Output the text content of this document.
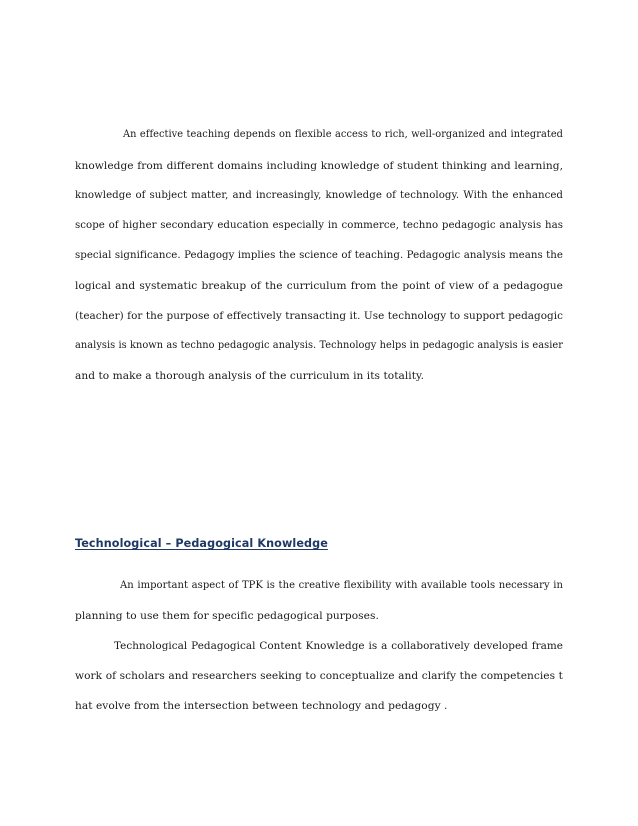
An effective teaching depends on flexible access to rich, well-organized and integrated
knowledge from different domains including knowledge of student thinking and learning,
knowledge of subject matter, and increasingly, knowledge of technology. With the enhanced
scope of higher secondary education especially in commerce, techno pedagogic analysis has
special significance. Pedagogy implies the science of teaching. Pedagogic analysis means the
logical and systematic breakup of the curriculum from the point of view of a pedagogue
(teacher) for the purpose of effectively transacting it. Use technology to support pedagogic
analysis is known as techno pedagogic analysis. Technology helps in pedagogic analysis is easier
and to make a thorough analysis of the curriculum in its totality.
Technological – Pedagogical Knowledge
An important aspect of TPK is the creative flexibility with available tools necessary in
planning to use them for specific pedagogical purposes.
Technological Pedagogical Content Knowledge is a collaboratively developed frame
work of scholars and researchers seeking to conceptualize and clarify the competencies t
hat evolve from the intersection between technology and pedagogy .
